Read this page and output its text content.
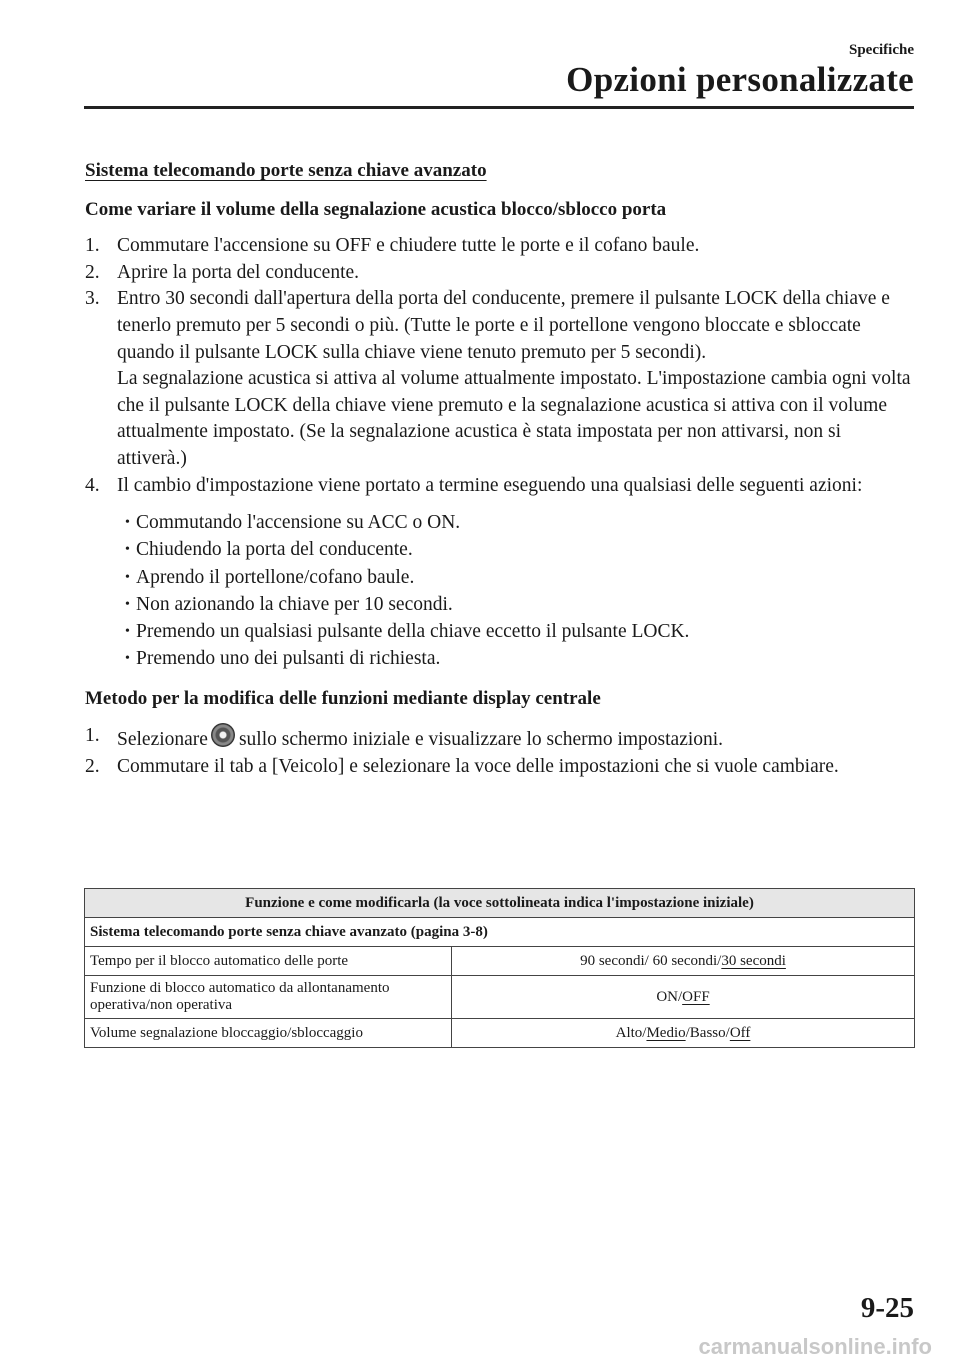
Specifiche
Opzioni personalizzate
Sistema telecomando porte senza chiave avanzato
Come variare il volume della segnalazione acustica blocco/sblocco porta
1. Commutare l'accensione su OFF e chiudere tutte le porte e il cofano baule.
2. Aprire la porta del conducente.
3. Entro 30 secondi dall'apertura della porta del conducente, premere il pulsante LOCK della chiave e tenerlo premuto per 5 secondi o più. (Tutte le porte e il portellone vengono bloccate e sbloccate quando il pulsante LOCK sulla chiave viene tenuto premuto per 5 secondi).
La segnalazione acustica si attiva al volume attualmente impostato. L'impostazione cambia ogni volta che il pulsante LOCK della chiave viene premuto e la segnalazione acustica si attiva con il volume attualmente impostato. (Se la segnalazione acustica è stata impostata per non attivarsi, non si attiverà.)
4. Il cambio d'impostazione viene portato a termine eseguendo una qualsiasi delle seguenti azioni:
• Commutando l'accensione su ACC o ON.
• Chiudendo la porta del conducente.
• Aprendo il portellone/cofano baule.
• Non azionando la chiave per 10 secondi.
• Premendo un qualsiasi pulsante della chiave eccetto il pulsante LOCK.
• Premendo uno dei pulsanti di richiesta.
Metodo per la modifica delle funzioni mediante display centrale
1. Selezionare sullo schermo iniziale e visualizzare lo schermo impostazioni.
2. Commutare il tab a [Veicolo] e selezionare la voce delle impostazioni che si vuole cambiare.
Funzione e come modificarla (la voce sottolineata indica l'impostazione iniziale)	
Sistema telecomando porte senza chiave avanzato (pagina 3-8)	
Tempo per il blocco automatico delle porte	90 secondi/ 60 secondi/30 secondi
Funzione di blocco automatico da allontanamento operativa/non operativa	ON/OFF
Volume segnalazione bloccaggio/sbloccaggio	Alto/Medio/Basso/Off
9-25
carmanualsonline.info
